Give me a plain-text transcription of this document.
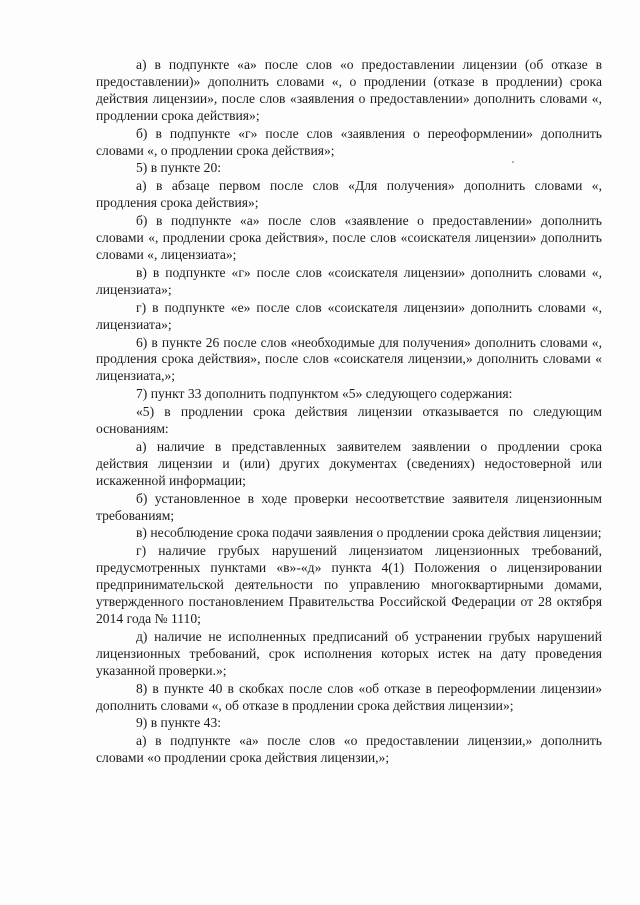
а) в подпункте «а» после слов «о предоставлении лицензии (об отказе в предоставлении)» дополнить словами «, о продлении (отказе в продлении) срока действия лицензии», после слов «заявления о предоставлении» дополнить словами «, продлении срока действия»;

б) в подпункте «г» после слов «заявления о переоформлении» дополнить словами «, о продлении срока действия»;

5) в пункте 20:

а) в абзаце первом после слов «Для получения» дополнить словами «, продления срока действия»;

б) в подпункте «а» после слов «заявление о предоставлении» дополнить словами «, продлении срока действия», после слов «соискателя лицензии» дополнить словами «, лицензиата»;

в) в подпункте «г» после слов «соискателя лицензии» дополнить словами «, лицензиата»;

г) в подпункте «е» после слов «соискателя лицензии» дополнить словами «, лицензиата»;

6) в пункте 26 после слов «необходимые для получения» дополнить словами «, продления срока действия», после слов «соискателя лицензии,» дополнить словами « лицензиата,»;

7) пункт 33 дополнить подпунктом «5» следующего содержания:

«5) в продлении срока действия лицензии отказывается по следующим основаниям:

а) наличие в представленных заявителем заявлении о продлении срока действия лицензии и (или) других документах (сведениях) недостоверной или искаженной информации;

б) установленное в ходе проверки несоответствие заявителя лицензионным требованиям;

в) несоблюдение срока подачи заявления о продлении срока действия лицензии;

г) наличие грубых нарушений лицензиатом лицензионных требований, предусмотренных пунктами «в»-«д» пункта 4(1) Положения о лицензировании предпринимательской деятельности по управлению многоквартирными домами, утвержденного постановлением Правительства Российской Федерации от 28 октября 2014 года № 1110;

д) наличие не исполненных предписаний об устранении грубых нарушений лицензионных требований, срок исполнения которых истек на дату проведения указанной проверки.»;

8) в пункте 40 в скобках после слов «об отказе в переоформлении лицензии» дополнить словами «, об отказе в продлении срока действия лицензии»;

9) в пункте 43:

а) в подпункте «а» после слов «о предоставлении лицензии,» дополнить словами «о продлении срока действия лицензии,»;
